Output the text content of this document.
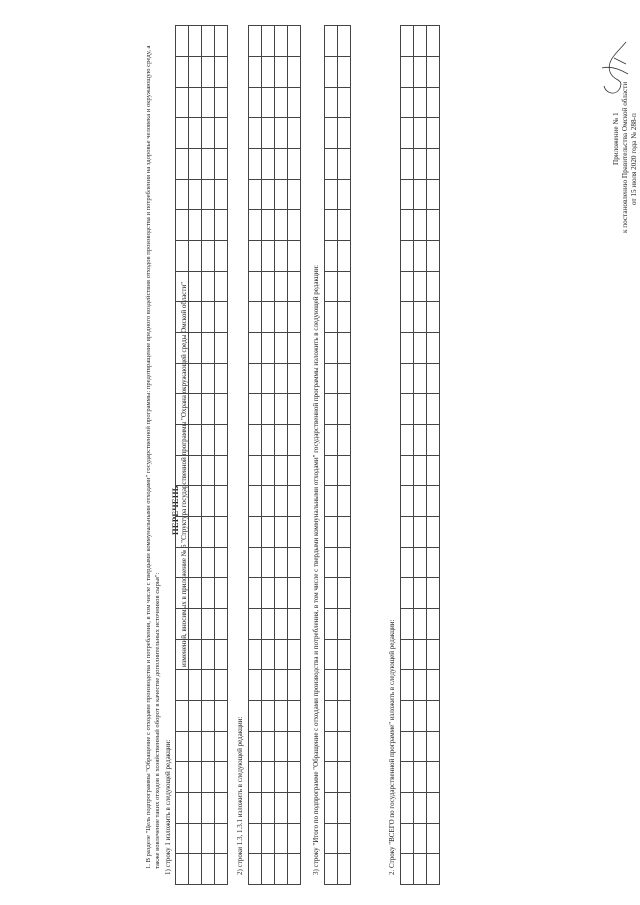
Приложение № 1 к постановлению Правительства Омской области от 15 июля 2020 года № 288-п
ПЕРЕЧЕНЬ изменений, вносимых в приложение № 6 "Структура государственной программы "Охрана окружающей среды Омской области"
1. В разделе "Цель подпрограммы "Обращение с отходами производства и потребления, в том числе с твердыми коммунальными отходами" государственной программы: предотвращение вредного воздействия отходов производства и потребления на здоровье человека и окружающую среду, а также вовлечение таких отходов в хозяйственный оборот в качестве дополнительных источников сырья": 1) строку 1 изложить в следующей редакции:

																												2) строки 1.3, 1.3.1 изложить в следующей редакции:

																												3) строку "Итого по подпрограмме "Обращение с отходами производства и потребления, в том числе с твердыми коммунальными отходами" государственной программы изложить в следующей редакции:

																												2. Строку "ВСЕГО по государственной программе" изложить в следующей редакции:
